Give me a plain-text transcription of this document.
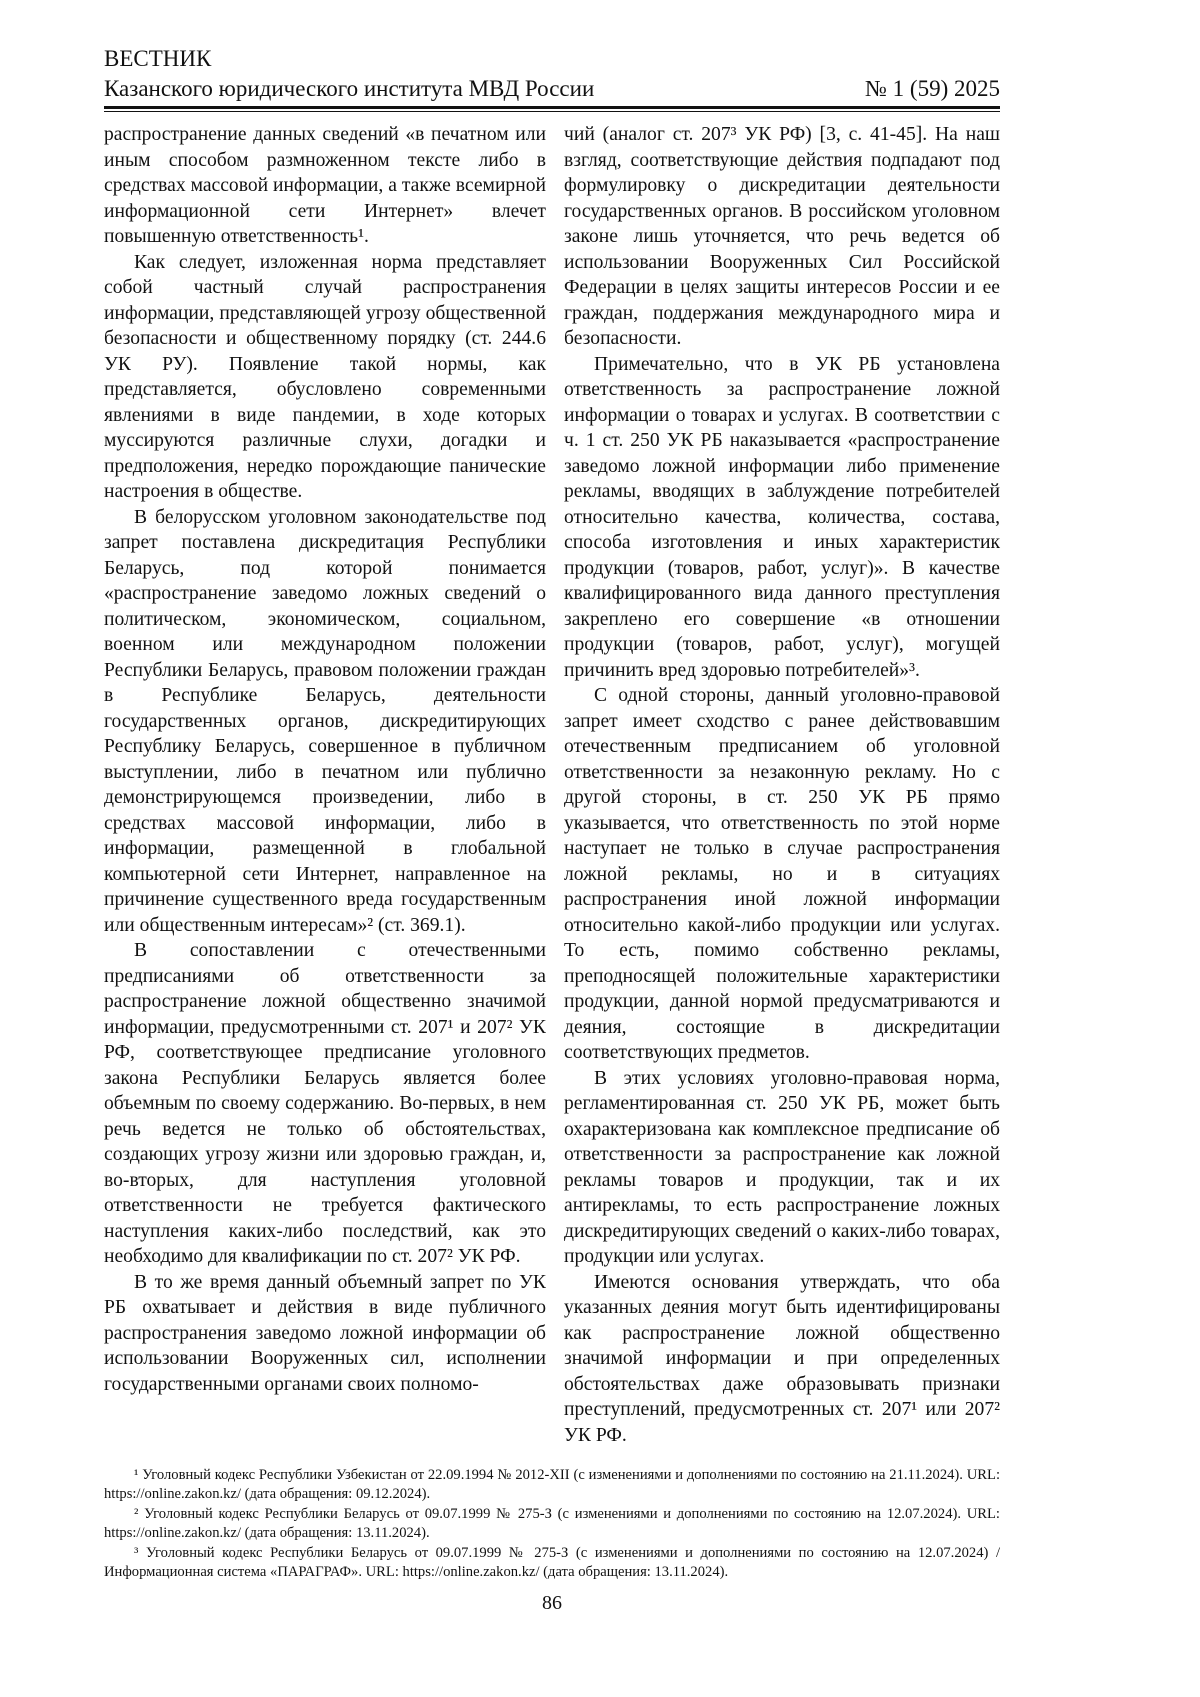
ВЕСТНИК
Казанского юридического института МВД России	№ 1 (59) 2025

распространение данных сведений «в печатном или иным способом размноженном тексте либо в средствах массовой информации, а также всемирной информационной сети Интернет» влечет повышенную ответственность¹.

Как следует, изложенная норма представляет собой частный случай распространения информации, представляющей угрозу общественной безопасности и общественному порядку (ст. 244.6 УК РУ). Появление такой нормы, как представляется, обусловлено современными явлениями в виде пандемии, в ходе которых муссируются различные слухи, догадки и предположения, нередко порождающие панические настроения в обществе.

В белорусском уголовном законодательстве под запрет поставлена дискредитация Республики Беларусь, под которой понимается «распространение заведомо ложных сведений о политическом, экономическом, социальном, военном или международном положении Республики Беларусь, правовом положении граждан в Республике Беларусь, деятельности государственных органов, дискредитирующих Республику Беларусь, совершенное в публичном выступлении, либо в печатном или публично демонстрирующемся произведении, либо в средствах массовой информации, либо в информации, размещенной в глобальной компьютерной сети Интернет, направленное на причинение существенного вреда государственным или общественным интересам»² (ст. 369.1).

В сопоставлении с отечественными предписаниями об ответственности за распространение ложной общественно значимой информации, предусмотренными ст. 207¹ и 207² УК РФ, соответствующее предписание уголовного закона Республики Беларусь является более объемным по своему содержанию. Во-первых, в нем речь ведется не только об обстоятельствах, создающих угрозу жизни или здоровью граждан, и, во-вторых, для наступления уголовной ответственности не требуется фактического наступления каких-либо последствий, как это необходимо для квалификации по ст. 207² УК РФ.

В то же время данный объемный запрет по УК РБ охватывает и действия в виде публичного распространения заведомо ложной информации об использовании Вооруженных сил, исполнении государственными органами своих полномо-

чий (аналог ст. 207³ УК РФ) [3, с. 41-45]. На наш взгляд, соответствующие действия подпадают под формулировку о дискредитации деятельности государственных органов. В российском уголовном законе лишь уточняется, что речь ведется об использовании Вооруженных Сил Российской Федерации в целях защиты интересов России и ее граждан, поддержания международного мира и безопасности.

Примечательно, что в УК РБ установлена ответственность за распространение ложной информации о товарах и услугах. В соответствии с ч. 1 ст. 250 УК РБ наказывается «распространение заведомо ложной информации либо применение рекламы, вводящих в заблуждение потребителей относительно качества, количества, состава, способа изготовления и иных характеристик продукции (товаров, работ, услуг)». В качестве квалифицированного вида данного преступления закреплено его совершение «в отношении продукции (товаров, работ, услуг), могущей причинить вред здоровью потребителей»³.

С одной стороны, данный уголовно-правовой запрет имеет сходство с ранее действовавшим отечественным предписанием об уголовной ответственности за незаконную рекламу. Но с другой стороны, в ст. 250 УК РБ прямо указывается, что ответственность по этой норме наступает не только в случае распространения ложной рекламы, но и в ситуациях распространения иной ложной информации относительно какой-либо продукции или услугах. То есть, помимо собственно рекламы, преподносящей положительные характеристики продукции, данной нормой предусматриваются и деяния, состоящие в дискредитации соответствующих предметов.

В этих условиях уголовно-правовая норма, регламентированная ст. 250 УК РБ, может быть охарактеризована как комплексное предписание об ответственности за распространение как ложной рекламы товаров и продукции, так и их антирекламы, то есть распространение ложных дискредитирующих сведений о каких-либо товарах, продукции или услугах.

Имеются основания утверждать, что оба указанных деяния могут быть идентифицированы как распространение ложной общественно значимой информации и при определенных обстоятельствах даже образовывать признаки преступлений, предусмотренных ст. 207¹ или 207² УК РФ.

¹ Уголовный кодекс Республики Узбекистан от 22.09.1994 № 2012-XII (с изменениями и дополнениями по состоянию на 21.11.2024). URL: https://online.zakon.kz/ (дата обращения: 09.12.2024).

² Уголовный кодекс Республики Беларусь от 09.07.1999 № 275-З (с изменениями и дополнениями по состоянию на 12.07.2024). URL: https://online.zakon.kz/ (дата обращения: 13.11.2024).

³ Уголовный кодекс Республики Беларусь от 09.07.1999 № 275-З (с изменениями и дополнениями по состоянию на 12.07.2024) / Информационная система «ПАРАГРАФ». URL: https://online.zakon.kz/ (дата обращения: 13.11.2024).

86
